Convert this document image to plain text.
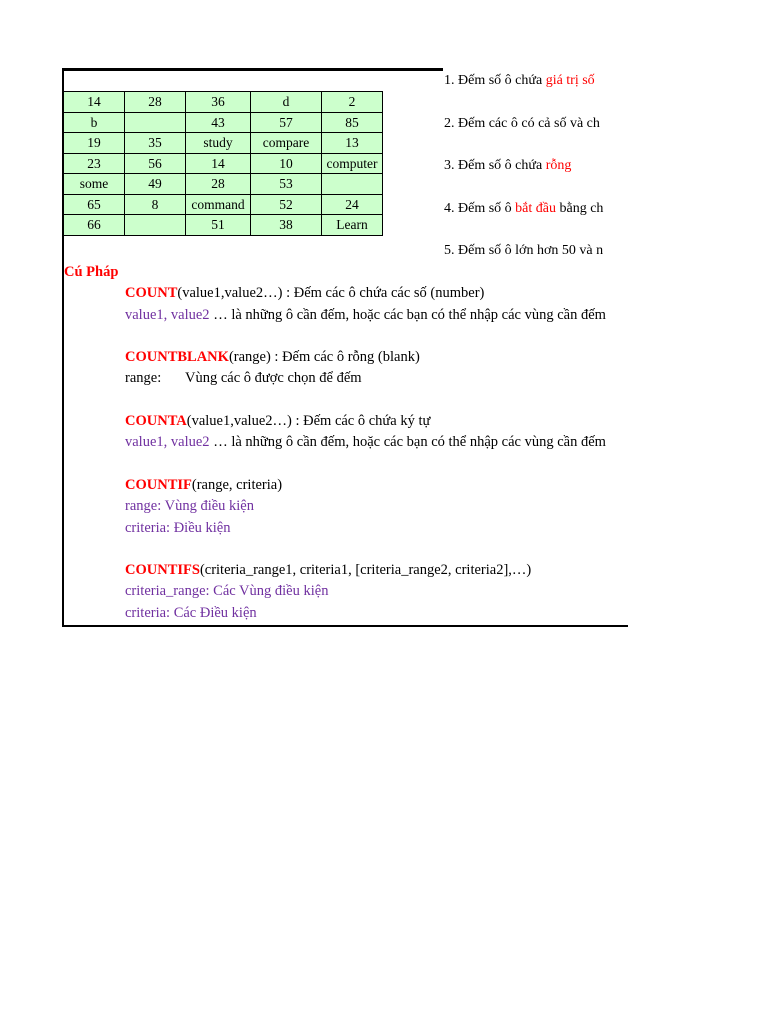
14	28	36	d	2
b		43	57	85
19	35	study	compare	13
23	56	14	10	computer
some	49	28	53	
65	8	command	52	24
66		51	38	Learn
1. Đếm số ô chứa giá trị số
2. Đếm các ô có cả số và ch
3. Đếm số ô chứa rỗng
4. Đếm số ô bắt đầu bằng ch
5. Đếm số ô lớn hơn 50 và n
Cú Pháp
COUNT(value1,value2…) : Đếm các ô chứa các số (number)
value1, value2 … là những ô cần đếm, hoặc các bạn có thể nhập các vùng cần đếm
COUNTBLANK(range) : Đếm các ô rỗng (blank)
range: Vùng các ô được chọn để đếm
COUNTA(value1,value2…) : Đếm các ô chứa ký tự
value1, value2 … là những ô cần đếm, hoặc các bạn có thể nhập các vùng cần đếm
COUNTIF(range, criteria)
range: Vùng điều kiện
criteria: Điều kiện
COUNTIFS(criteria_range1, criteria1, [criteria_range2, criteria2],…)
criteria_range: Các Vùng điều kiện
criteria: Các Điều kiện
